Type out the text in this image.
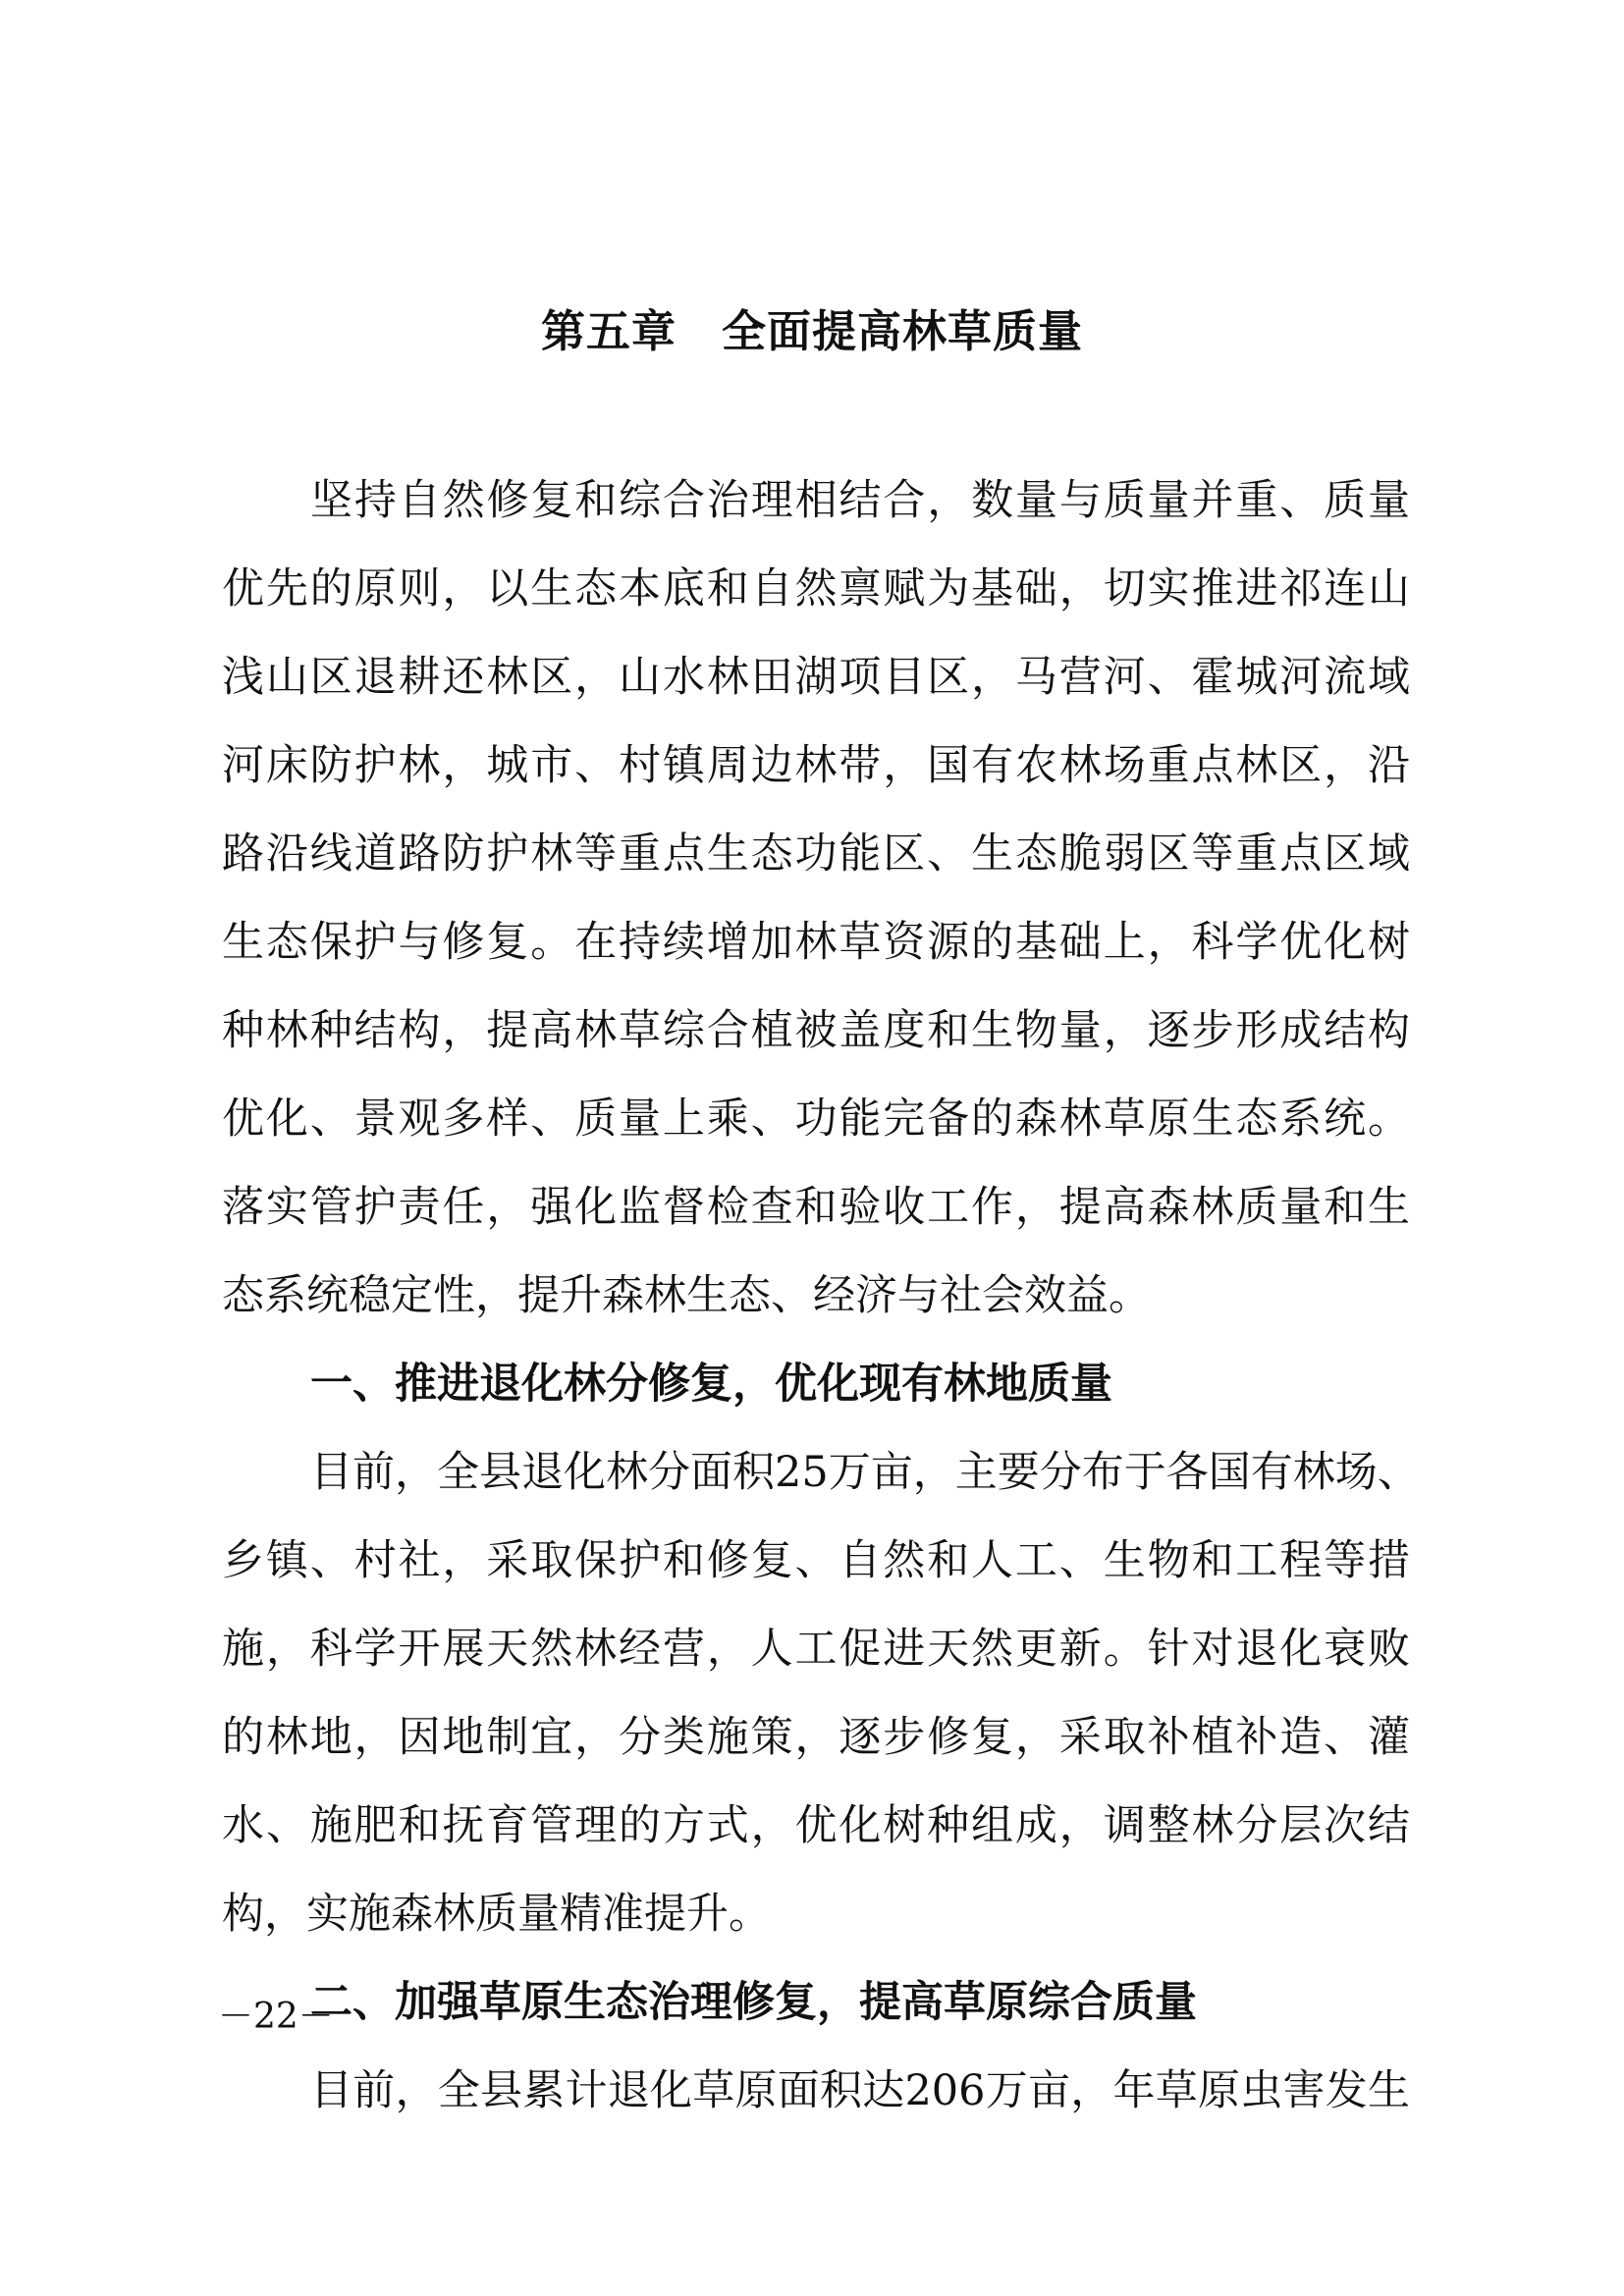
第五章　全面提高林草质量
坚持自然修复和综合治理相结合，数量与质量并重、质量
优先的原则，以生态本底和自然禀赋为基础，切实推进祁连山
浅山区退耕还林区，山水林田湖项目区，马营河、霍城河流域
河床防护林，城市、村镇周边林带，国有农林场重点林区，沿
路沿线道路防护林等重点生态功能区、生态脆弱区等重点区域
生态保护与修复。在持续增加林草资源的基础上，科学优化树
种林种结构，提高林草综合植被盖度和生物量，逐步形成结构
优化、景观多样、质量上乘、功能完备的森林草原生态系统。
落实管护责任，强化监督检查和验收工作，提高森林质量和生
态系统稳定性，提升森林生态、经济与社会效益。
一、推进退化林分修复，优化现有林地质量
目前，全县退化林分面积25万亩，主要分布于各国有林场、
乡镇、村社，采取保护和修复、自然和人工、生物和工程等措
施，科学开展天然林经营，人工促进天然更新。针对退化衰败
的林地，因地制宜，分类施策，逐步修复，采取补植补造、灌
水、施肥和抚育管理的方式，优化树种组成，调整林分层次结
构，实施森林质量精准提升。
二、加强草原生态治理修复，提高草原综合质量
目前，全县累计退化草原面积达206万亩，年草原虫害发生
－22－
